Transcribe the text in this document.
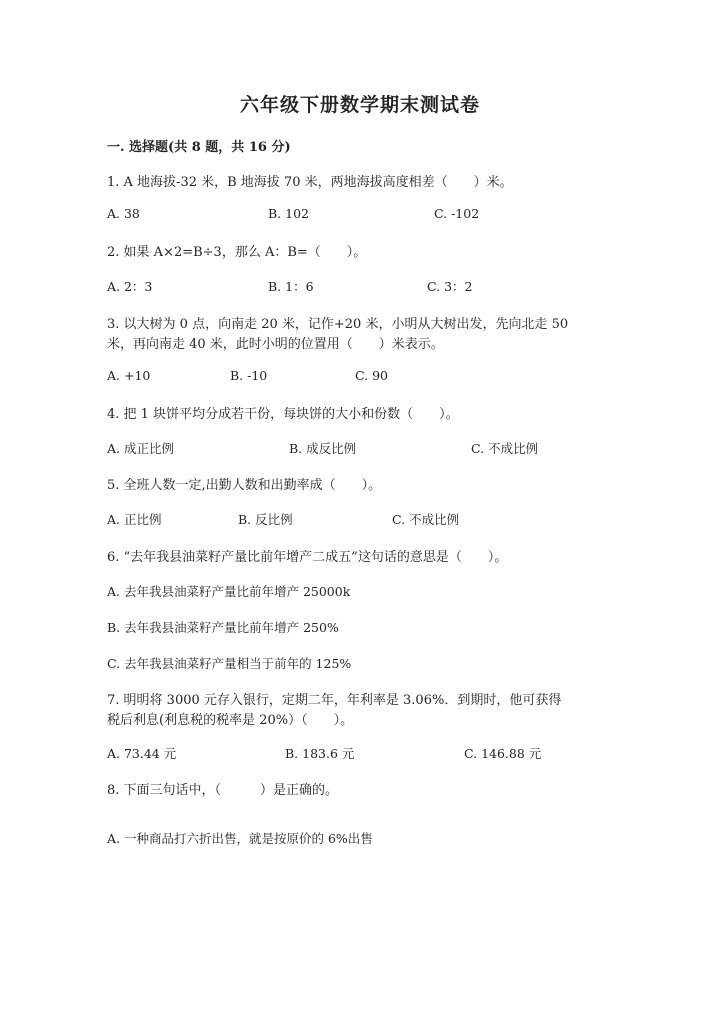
六年级下册数学期末测试卷
一. 选择题(共 8 题，共 16 分)
1. A 地海拔-32 米，B 地海拔 70 米，两地海拔高度相差（　　）米。
A. 38	B. 102	C. -102
2. 如果 A×2=B÷3，那么 A：B=（　　）。
A. 2：3	B. 1：6	C. 3：2
3. 以大树为 0 点，向南走 20 米，记作+20 米，小明从大树出发，先向北走 50
米，再向南走 40 米，此时小明的位置用（　　）米表示。
A. +10	B. -10	C. 90
4. 把 1 块饼平均分成若干份，每块饼的大小和份数（　　）。
A. 成正比例	B. 成反比例	C. 不成比例
5. 全班人数一定,出勤人数和出勤率成（　　）。
A. 正比例	B. 反比例	C. 不成比例
6. “去年我县油菜籽产量比前年增产二成五”这句话的意思是（　　）。
A. 去年我县油菜籽产量比前年增产 25000k
B. 去年我县油菜籽产量比前年增产 250%
C. 去年我县油菜籽产量相当于前年的 125%
7. 明明将 3000 元存入银行，定期二年，年利率是 3.06%．到期时，他可获得
税后利息(利息税的税率是 20%）（　　）。
A. 73.44 元	B. 183.6 元	C. 146.88 元
8. 下面三句话中，（　　　）是正确的。
A. 一种商品打六折出售，就是按原价的 6%出售
